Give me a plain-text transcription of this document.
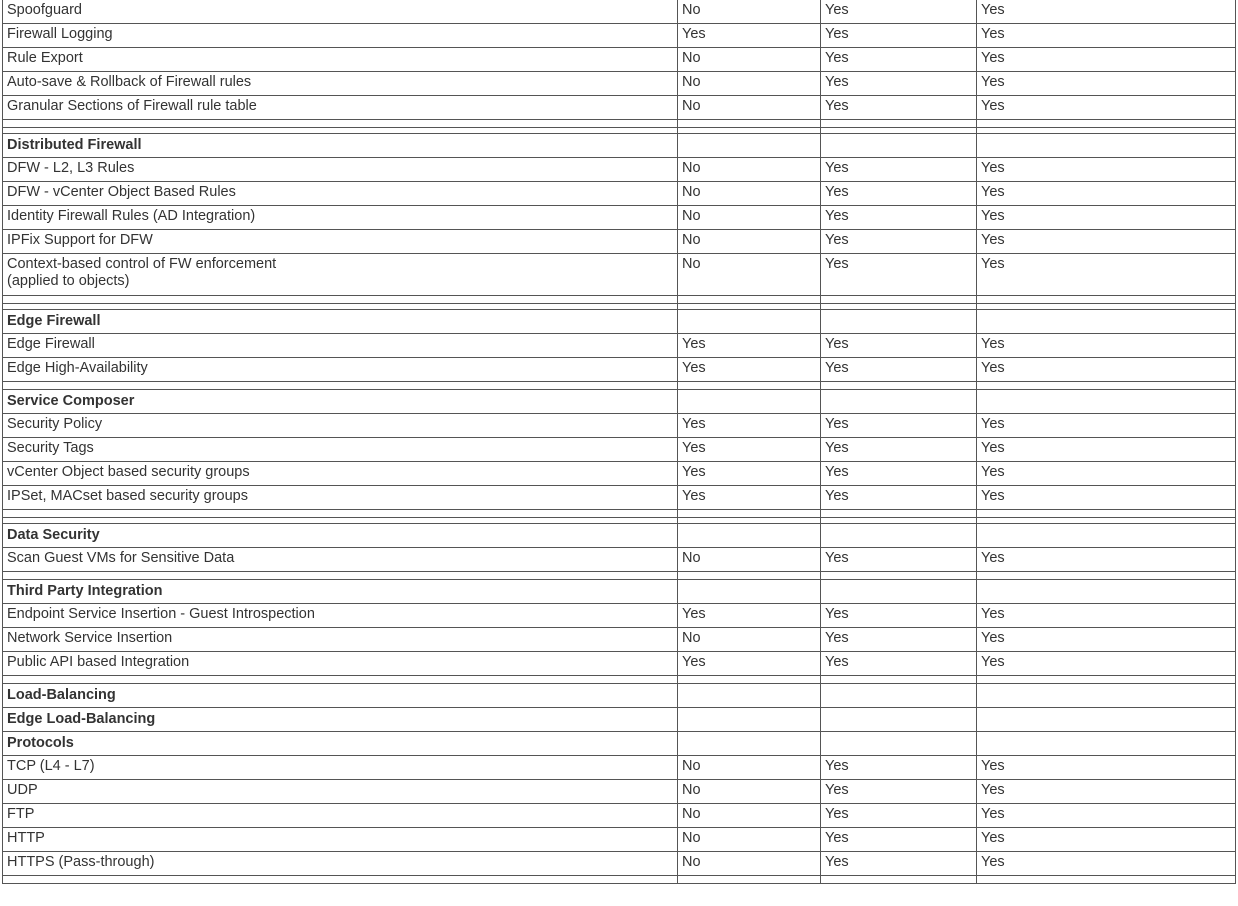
Spoofguard	No	Yes	Yes
Firewall Logging	Yes	Yes	Yes
Rule Export	No	Yes	Yes
Auto-save & Rollback of Firewall rules	No	Yes	Yes
Granular Sections of Firewall rule table	No	Yes	Yes

Distributed Firewall			
DFW - L2, L3 Rules	No	Yes	Yes
DFW - vCenter Object Based Rules	No	Yes	Yes
Identity Firewall Rules (AD Integration)	No	Yes	Yes
IPFix Support for DFW	No	Yes	Yes
Context-based control of FW enforcement
(applied to objects)	No	Yes	Yes

Edge Firewall			
Edge Firewall	Yes	Yes	Yes
Edge High-Availability	Yes	Yes	Yes

Service Composer			
Security Policy	Yes	Yes	Yes
Security Tags	Yes	Yes	Yes
vCenter Object based security groups	Yes	Yes	Yes
IPSet, MACset based security groups	Yes	Yes	Yes

Data Security			
Scan Guest VMs for Sensitive Data	No	Yes	Yes

Third Party Integration			
Endpoint Service Insertion - Guest Introspection	Yes	Yes	Yes
Network Service Insertion	No	Yes	Yes
Public API based Integration	Yes	Yes	Yes

Load-Balancing			
Edge Load-Balancing			
Protocols			
TCP (L4 - L7)	No	Yes	Yes
UDP	No	Yes	Yes
FTP	No	Yes	Yes
HTTP	No	Yes	Yes
HTTPS (Pass-through)	No	Yes	Yes
